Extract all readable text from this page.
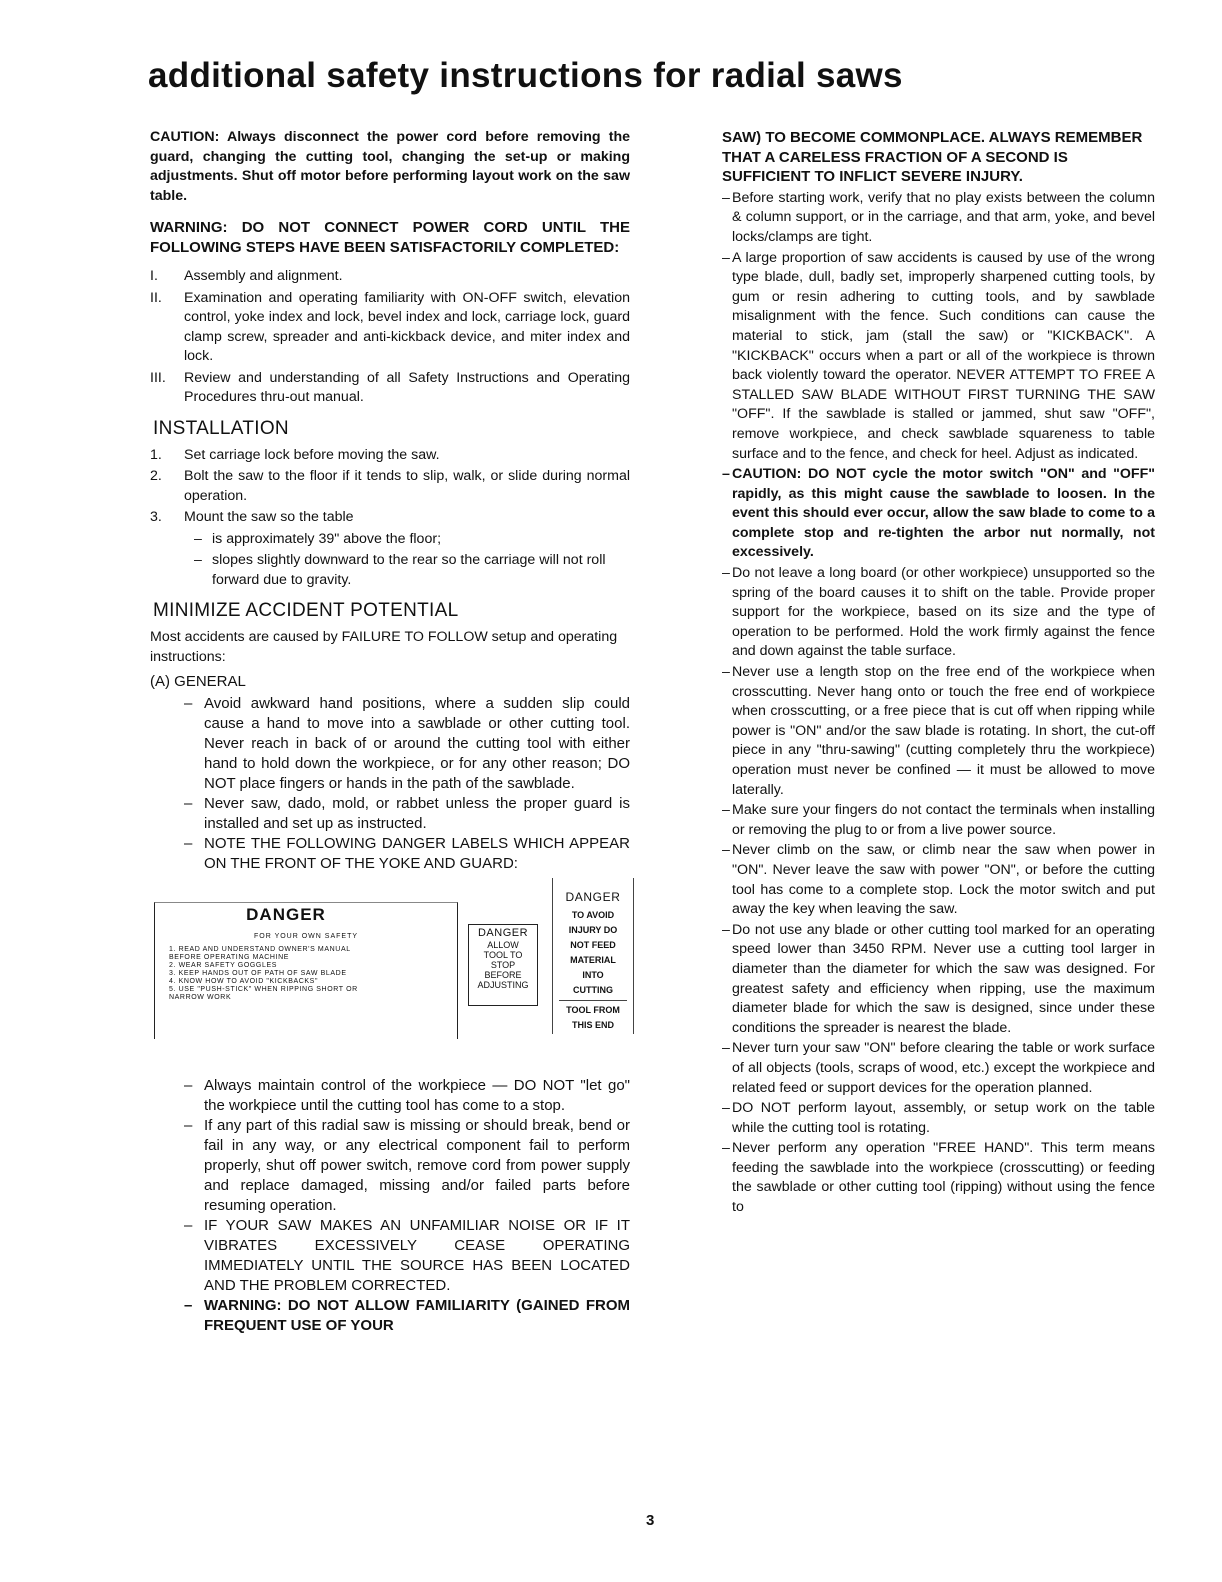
additional safety instructions for radial saws

CAUTION: Always disconnect the power cord before removing the guard, changing the cutting tool, changing the set-up or making adjustments. Shut off motor before performing layout work on the saw table.

WARNING: DO NOT CONNECT POWER CORD UNTIL THE FOLLOWING STEPS HAVE BEEN SATISFACTORILY COMPLETED:

I.	Assembly and alignment.
II.	Examination and operating familiarity with ON-OFF switch, elevation control, yoke index and lock, bevel index and lock, carriage lock, guard clamp screw, spreader and anti-kickback device, and miter index and lock.
III.	Review and understanding of all Safety Instructions and Operating Procedures thru-out manual.
INSTALLATION
1.	Set carriage lock before moving the saw.
2.	Bolt the saw to the floor if it tends to slip, walk, or slide during normal operation.
3.	Mount the saw so the table
– is approximately 39" above the floor;
– slopes slightly downward to the rear so the carriage will not roll forward due to gravity.
MINIMIZE ACCIDENT POTENTIAL

Most accidents are caused by FAILURE TO FOLLOW setup and operating instructions:

(A) GENERAL
– Avoid awkward hand positions, where a sudden slip could cause a hand to move into a sawblade or other cutting tool. Never reach in back of or around the cutting tool with either hand to hold down the workpiece, or for any other reason; DO NOT place fingers or hands in the path of the sawblade.
– Never saw, dado, mold, or rabbet unless the proper guard is installed and set up as instructed.
– NOTE THE FOLLOWING DANGER LABELS WHICH APPEAR ON THE FRONT OF THE YOKE AND GUARD:
DANGER
FOR YOUR OWN SAFETY
1. READ AND UNDERSTAND OWNER'S MANUAL
BEFORE OPERATING MACHINE
2. WEAR SAFETY GOGGLES
3. KEEP HANDS OUT OF PATH OF SAW BLADE
4. KNOW HOW TO AVOID "KICKBACKS"
5. USE "PUSH-STICK" WHEN RIPPING SHORT OR
NARROW WORK
DANGER
ALLOW
TOOL TO
STOP
BEFORE
ADJUSTING
DANGER
TO AVOID
INJURY DO
NOT FEED
MATERIAL
INTO
CUTTING
TOOL FROM
THIS END
– Always maintain control of the workpiece — DO NOT "let go" the workpiece until the cutting tool has come to a stop.
– If any part of this radial saw is missing or should break, bend or fail in any way, or any electrical component fail to perform properly, shut off power switch, remove cord from power supply and replace damaged, missing and/or failed parts before resuming operation.
– IF YOUR SAW MAKES AN UNFAMILIAR NOISE OR IF IT VIBRATES EXCESSIVELY CEASE OPERATING IMMEDIATELY UNTIL THE SOURCE HAS BEEN LOCATED AND THE PROBLEM CORRECTED.
– WARNING: DO NOT ALLOW FAMILIARITY (GAINED FROM FREQUENT USE OF YOUR

SAW) TO BECOME COMMONPLACE. ALWAYS REMEMBER THAT A CARELESS FRACTION OF A SECOND IS SUFFICIENT TO INFLICT SEVERE INJURY.

– Before starting work, verify that no play exists between the column & column support, or in the carriage, and that arm, yoke, and bevel locks/clamps are tight.
– A large proportion of saw accidents is caused by use of the wrong type blade, dull, badly set, improperly sharpened cutting tools, by gum or resin adhering to cutting tools, and by sawblade misalignment with the fence. Such conditions can cause the material to stick, jam (stall the saw) or "KICKBACK". A "KICKBACK" occurs when a part or all of the workpiece is thrown back violently toward the operator. NEVER ATTEMPT TO FREE A STALLED SAW BLADE WITHOUT FIRST TURNING THE SAW "OFF". If the sawblade is stalled or jammed, shut saw "OFF", remove workpiece, and check sawblade squareness to table surface and to the fence, and check for heel. Adjust as indicated.
– CAUTION: DO NOT cycle the motor switch "ON" and "OFF" rapidly, as this might cause the sawblade to loosen. In the event this should ever occur, allow the saw blade to come to a complete stop and re-tighten the arbor nut normally, not excessively.
– Do not leave a long board (or other workpiece) unsupported so the spring of the board causes it to shift on the table. Provide proper support for the workpiece, based on its size and the type of operation to be performed. Hold the work firmly against the fence and down against the table surface.
– Never use a length stop on the free end of the workpiece when crosscutting. Never hang onto or touch the free end of workpiece when crosscutting, or a free piece that is cut off when ripping while power is "ON" and/or the saw blade is rotating. In short, the cut-off piece in any "thru-sawing" (cutting completely thru the workpiece) operation must never be confined — it must be allowed to move laterally.
– Make sure your fingers do not contact the terminals when installing or removing the plug to or from a live power source.
– Never climb on the saw, or climb near the saw when power in "ON". Never leave the saw with power "ON", or before the cutting tool has come to a complete stop. Lock the motor switch and put away the key when leaving the saw.
– Do not use any blade or other cutting tool marked for an operating speed lower than 3450 RPM. Never use a cutting tool larger in diameter than the diameter for which the saw was designed. For greatest safety and efficiency when ripping, use the maximum diameter blade for which the saw is designed, since under these conditions the spreader is nearest the blade.
– Never turn your saw "ON" before clearing the table or work surface of all objects (tools, scraps of wood, etc.) except the workpiece and related feed or support devices for the operation planned.
– DO NOT perform layout, assembly, or setup work on the table while the cutting tool is rotating.
– Never perform any operation "FREE HAND". This term means feeding the sawblade into the workpiece (crosscutting) or feeding the sawblade or other cutting tool (ripping) without using the fence to
3
